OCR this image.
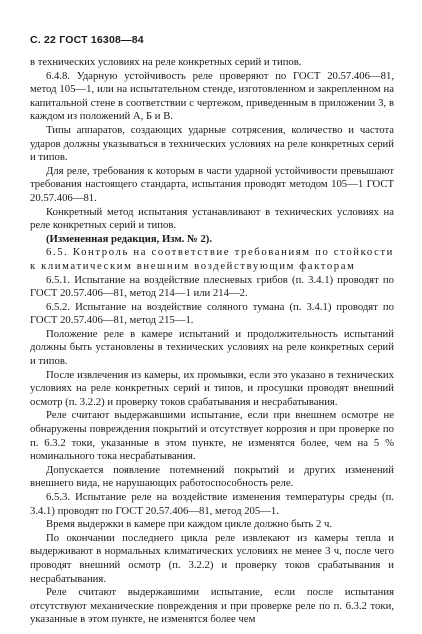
С. 22 ГОСТ 16308—84

в технических условиях на реле конкретных серий и типов.

6.4.8. Ударную устойчивость реле проверяют по ГОСТ 20.57.406—81, метод 105—1, или на испытательном стенде, изготовленном и закрепленном на капитальной стене в соответствии с чертежом, приведенным в приложении 3, в каждом из положений А, Б и В.

Типы аппаратов, создающих ударные сотрясения, количество и частота ударов должны указываться в технических условиях на реле конкретных серий и типов.

Для реле, требования к которым в части ударной устойчивости превышают требования настоящего стандарта, испытания проводят методом 105—1 ГОСТ 20.57.406—81.

Конкретный метод испытания устанавливают в технических условиях на реле конкретных серий и типов.

(Измененная редакция, Изм. № 2).

6.5. Контроль на соответствие требованиям по стойкости к климатическим внешним воздействующим факторам

6.5.1. Испытание на воздействие плесневых грибов (п. 3.4.1) проводят по ГОСТ 20.57.406—81, метод 214—1 или 214—2.

6.5.2. Испытание на воздействие соляного тумана (п. 3.4.1) проводят по ГОСТ 20.57.406—81, метод 215—1.

Положение реле в камере испытаний и продолжительность испытаний должны быть установлены в технических условиях на реле конкретных серий и типов.

После извлечения из камеры, их промывки, если это указано в технических условиях на реле конкретных серий и типов, и просушки проводят внешний осмотр (п. 3.2.2) и проверку токов срабатывания и несрабатывания.

Реле считают выдержавшими испытание, если при внешнем осмотре не обнаружены повреждения покрытий и отсутствует коррозия и при проверке по п. 6.3.2 токи, указанные в этом пункте, не изменятся более, чем на 5 % номинального тока несрабатывания.

Допускается появление потемнений покрытий и других изменений внешнего вида, не нарушающих работоспособность реле.

6.5.3. Испытание реле на воздействие изменения температуры среды (п. 3.4.1) проводят по ГОСТ 20.57.406—81, метод 205—1.

Время выдержки в камере при каждом цикле должно быть 2 ч.

По окончании последнего цикла реле извлекают из камеры тепла и выдерживают в нормальных климатических условиях не менее 3 ч, после чего проводят внешний осмотр (п. 3.2.2) и проверку токов срабатывания и несрабатывания.

Реле считают выдержавшими испытание, если после испытания отсутствуют механические повреждения и при проверке реле по п. 6.3.2 токи, указанные в этом пункте, не изменятся более чем
